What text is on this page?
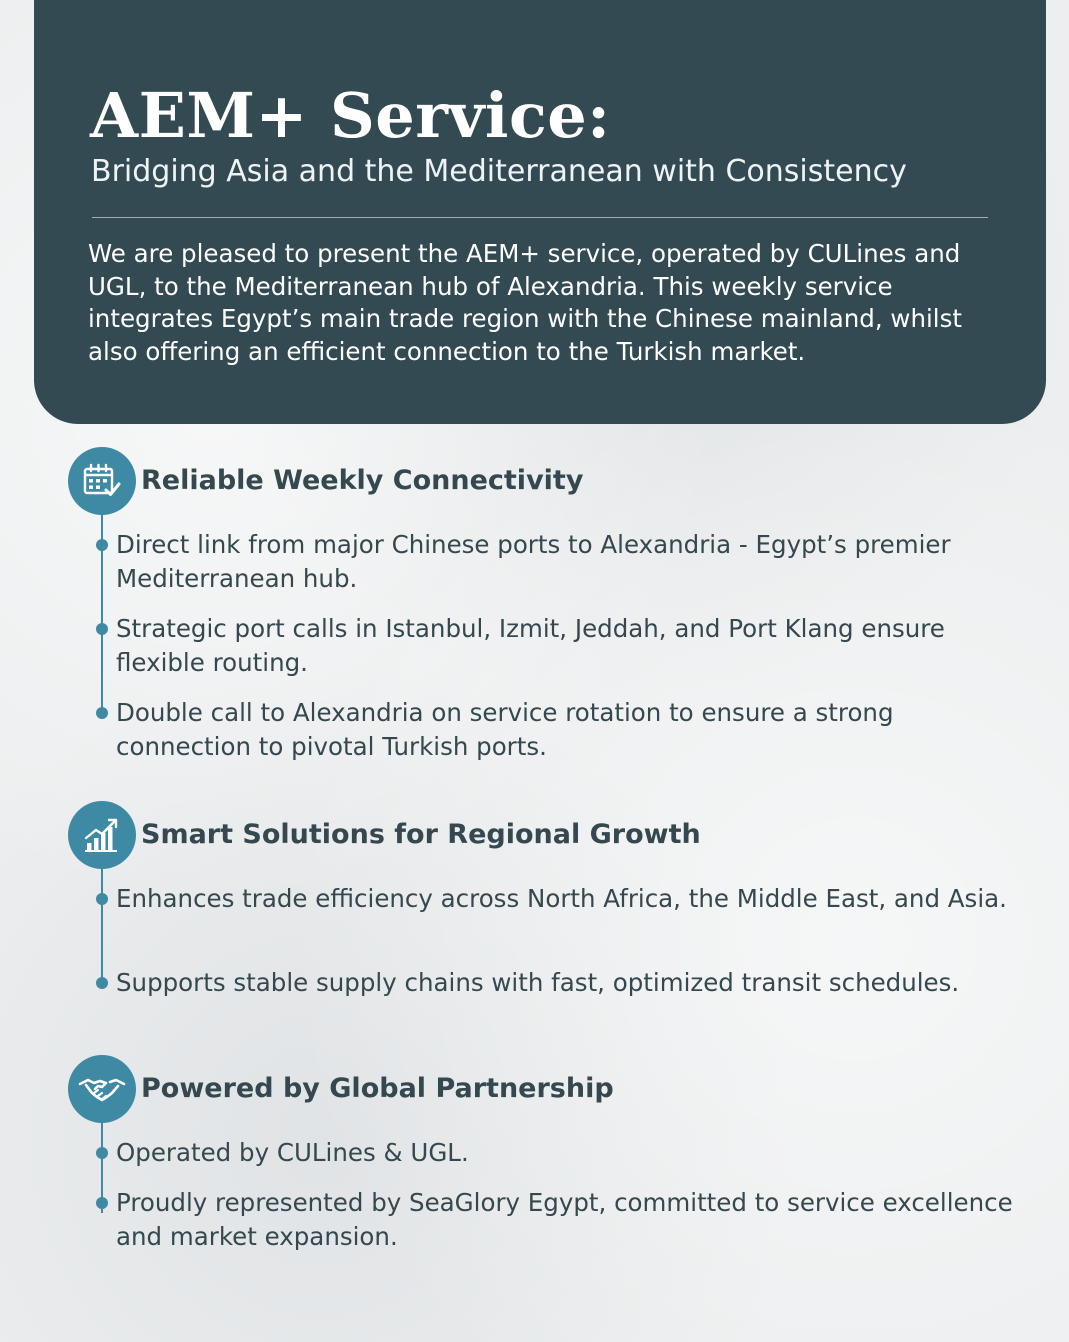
AEM+ Service:

Bridging Asia and the Mediterranean with Consistency

We are pleased to present the AEM+ service, operated by CULines and UGL, to the Mediterranean hub of Alexandria. This weekly service integrates Egypt’s main trade region with the Chinese mainland, whilst also offering an efficient connection to the Turkish market.

Reliable Weekly Connectivity

Direct link from major Chinese ports to Alexandria - Egypt’s premier Mediterranean hub.

Strategic port calls in Istanbul, Izmit, Jeddah, and Port Klang ensure flexible routing.

Double call to Alexandria on service rotation to ensure a strong connection to pivotal Turkish ports.

Smart Solutions for Regional Growth

Enhances trade efficiency across North Africa, the Middle East, and Asia.

Supports stable supply chains with fast, optimized transit schedules.

Powered by Global Partnership

Operated by CULines & UGL.

Proudly represented by SeaGlory Egypt, committed to service excellence and market expansion.
